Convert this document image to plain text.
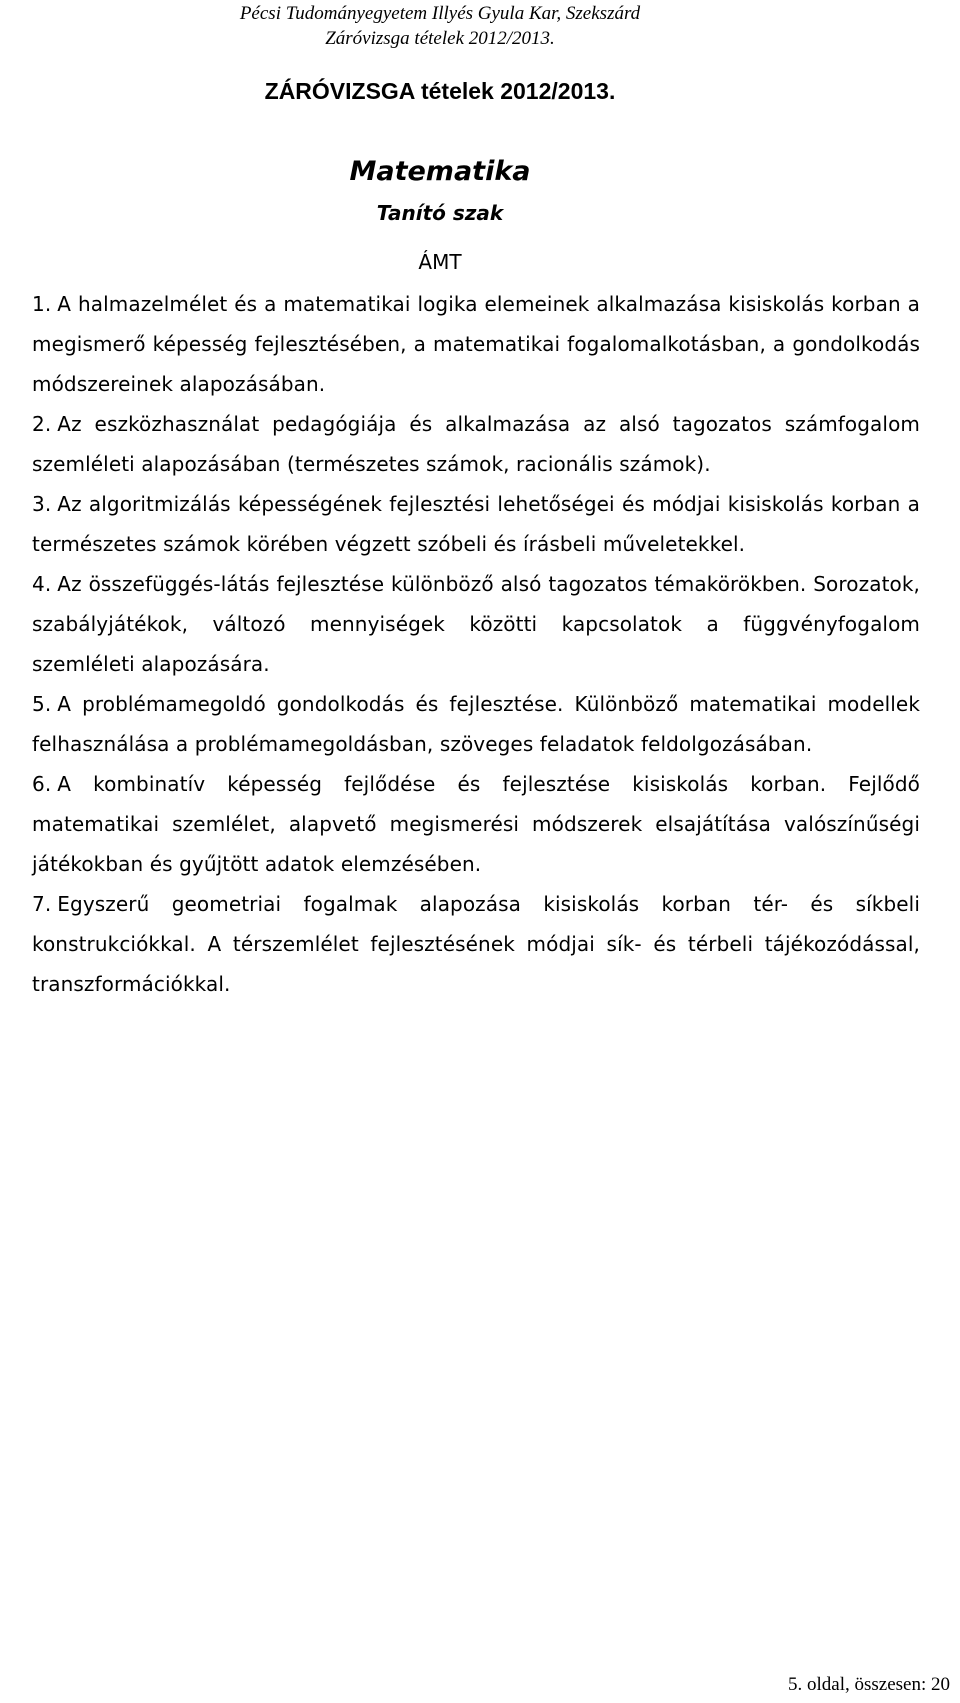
Pécsi Tudományegyetem Illyés Gyula Kar, Szekszárd
Záróvizsga tételek 2012/2013.
ZÁRÓVIZSGA tételek 2012/2013.
Matematika
Tanító szak
ÁMT
1. A halmazelmélet és a matematikai logika elemeinek alkalmazása kisiskolás korban a megismerő képesség fejlesztésében, a matematikai fogalomalkotásban, a gondolkodás módszereinek alapozásában.
2. Az eszközhasználat pedagógiája és alkalmazása az alsó tagozatos számfogalom szemléleti alapozásában (természetes számok, racionális számok).
3. Az algoritmizálás képességének fejlesztési lehetőségei és módjai kisiskolás korban a természetes számok körében végzett szóbeli és írásbeli műveletekkel.
4. Az összefüggés-látás fejlesztése különböző alsó tagozatos témakörökben. Sorozatok, szabályjátékok, változó mennyiségek közötti kapcsolatok a függvényfogalom szemléleti alapozására.
5. A problémamegoldó gondolkodás és fejlesztése. Különböző matematikai modellek felhasználása a problémamegoldásban, szöveges feladatok feldolgozásában.
6. A kombinatív képesség fejlődése és fejlesztése kisiskolás korban. Fejlődő matematikai szemlélet, alapvető megismerési módszerek elsajátítása valószínűségi játékokban és gyűjtött adatok elemzésében.
7. Egyszerű geometriai fogalmak alapozása kisiskolás korban tér- és síkbeli konstrukciókkal. A térszemlélet fejlesztésének módjai sík- és térbeli tájékozódással, transzformációkkal.
5. oldal, összesen: 20
